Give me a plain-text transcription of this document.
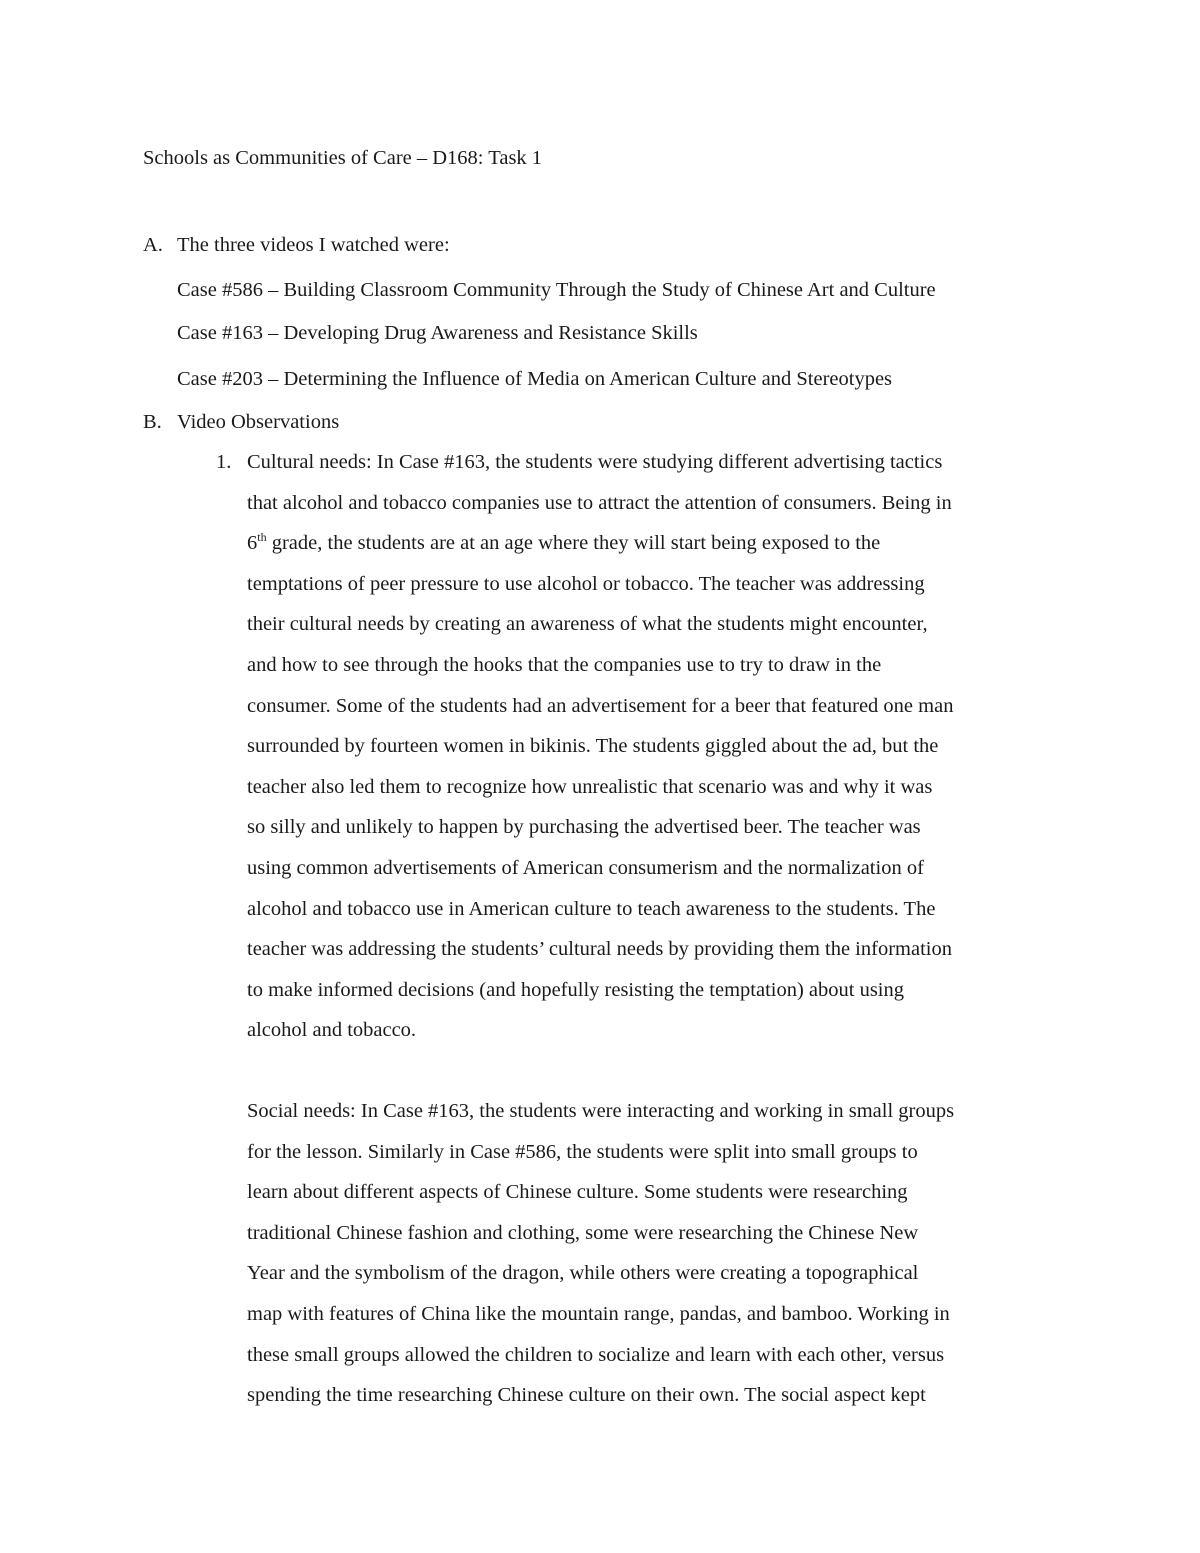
Schools as Communities of Care – D168: Task 1
A. The three videos I watched were:
Case #586 – Building Classroom Community Through the Study of Chinese Art and Culture
Case #163 – Developing Drug Awareness and Resistance Skills
Case #203 – Determining the Influence of Media on American Culture and Stereotypes
B. Video Observations
1. Cultural needs: In Case #163, the students were studying different advertising tactics
that alcohol and tobacco companies use to attract the attention of consumers. Being in
6th grade, the students are at an age where they will start being exposed to the
temptations of peer pressure to use alcohol or tobacco. The teacher was addressing
their cultural needs by creating an awareness of what the students might encounter,
and how to see through the hooks that the companies use to try to draw in the
consumer. Some of the students had an advertisement for a beer that featured one man
surrounded by fourteen women in bikinis. The students giggled about the ad, but the
teacher also led them to recognize how unrealistic that scenario was and why it was
so silly and unlikely to happen by purchasing the advertised beer. The teacher was
using common advertisements of American consumerism and the normalization of
alcohol and tobacco use in American culture to teach awareness to the students. The
teacher was addressing the students’ cultural needs by providing them the information
to make informed decisions (and hopefully resisting the temptation) about using
alcohol and tobacco.
Social needs: In Case #163, the students were interacting and working in small groups
for the lesson. Similarly in Case #586, the students were split into small groups to
learn about different aspects of Chinese culture. Some students were researching
traditional Chinese fashion and clothing, some were researching the Chinese New
Year and the symbolism of the dragon, while others were creating a topographical
map with features of China like the mountain range, pandas, and bamboo. Working in
these small groups allowed the children to socialize and learn with each other, versus
spending the time researching Chinese culture on their own. The social aspect kept
